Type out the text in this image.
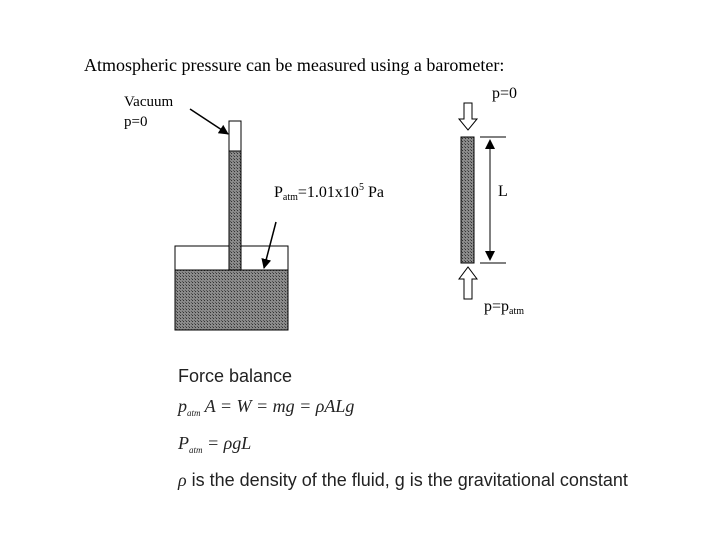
Atmospheric pressure can be measured using a barometer:
Vacuum
p=0
p=0
$P_{atm}=1.01x10^5$ Pa	L
$p=p_{atm}$
Force balance
$p_{atm}$ A = W = mg = ρALg
$P_{atm} = \rho gL$
ρ is the density of the fluid, g is the gravitational constant
